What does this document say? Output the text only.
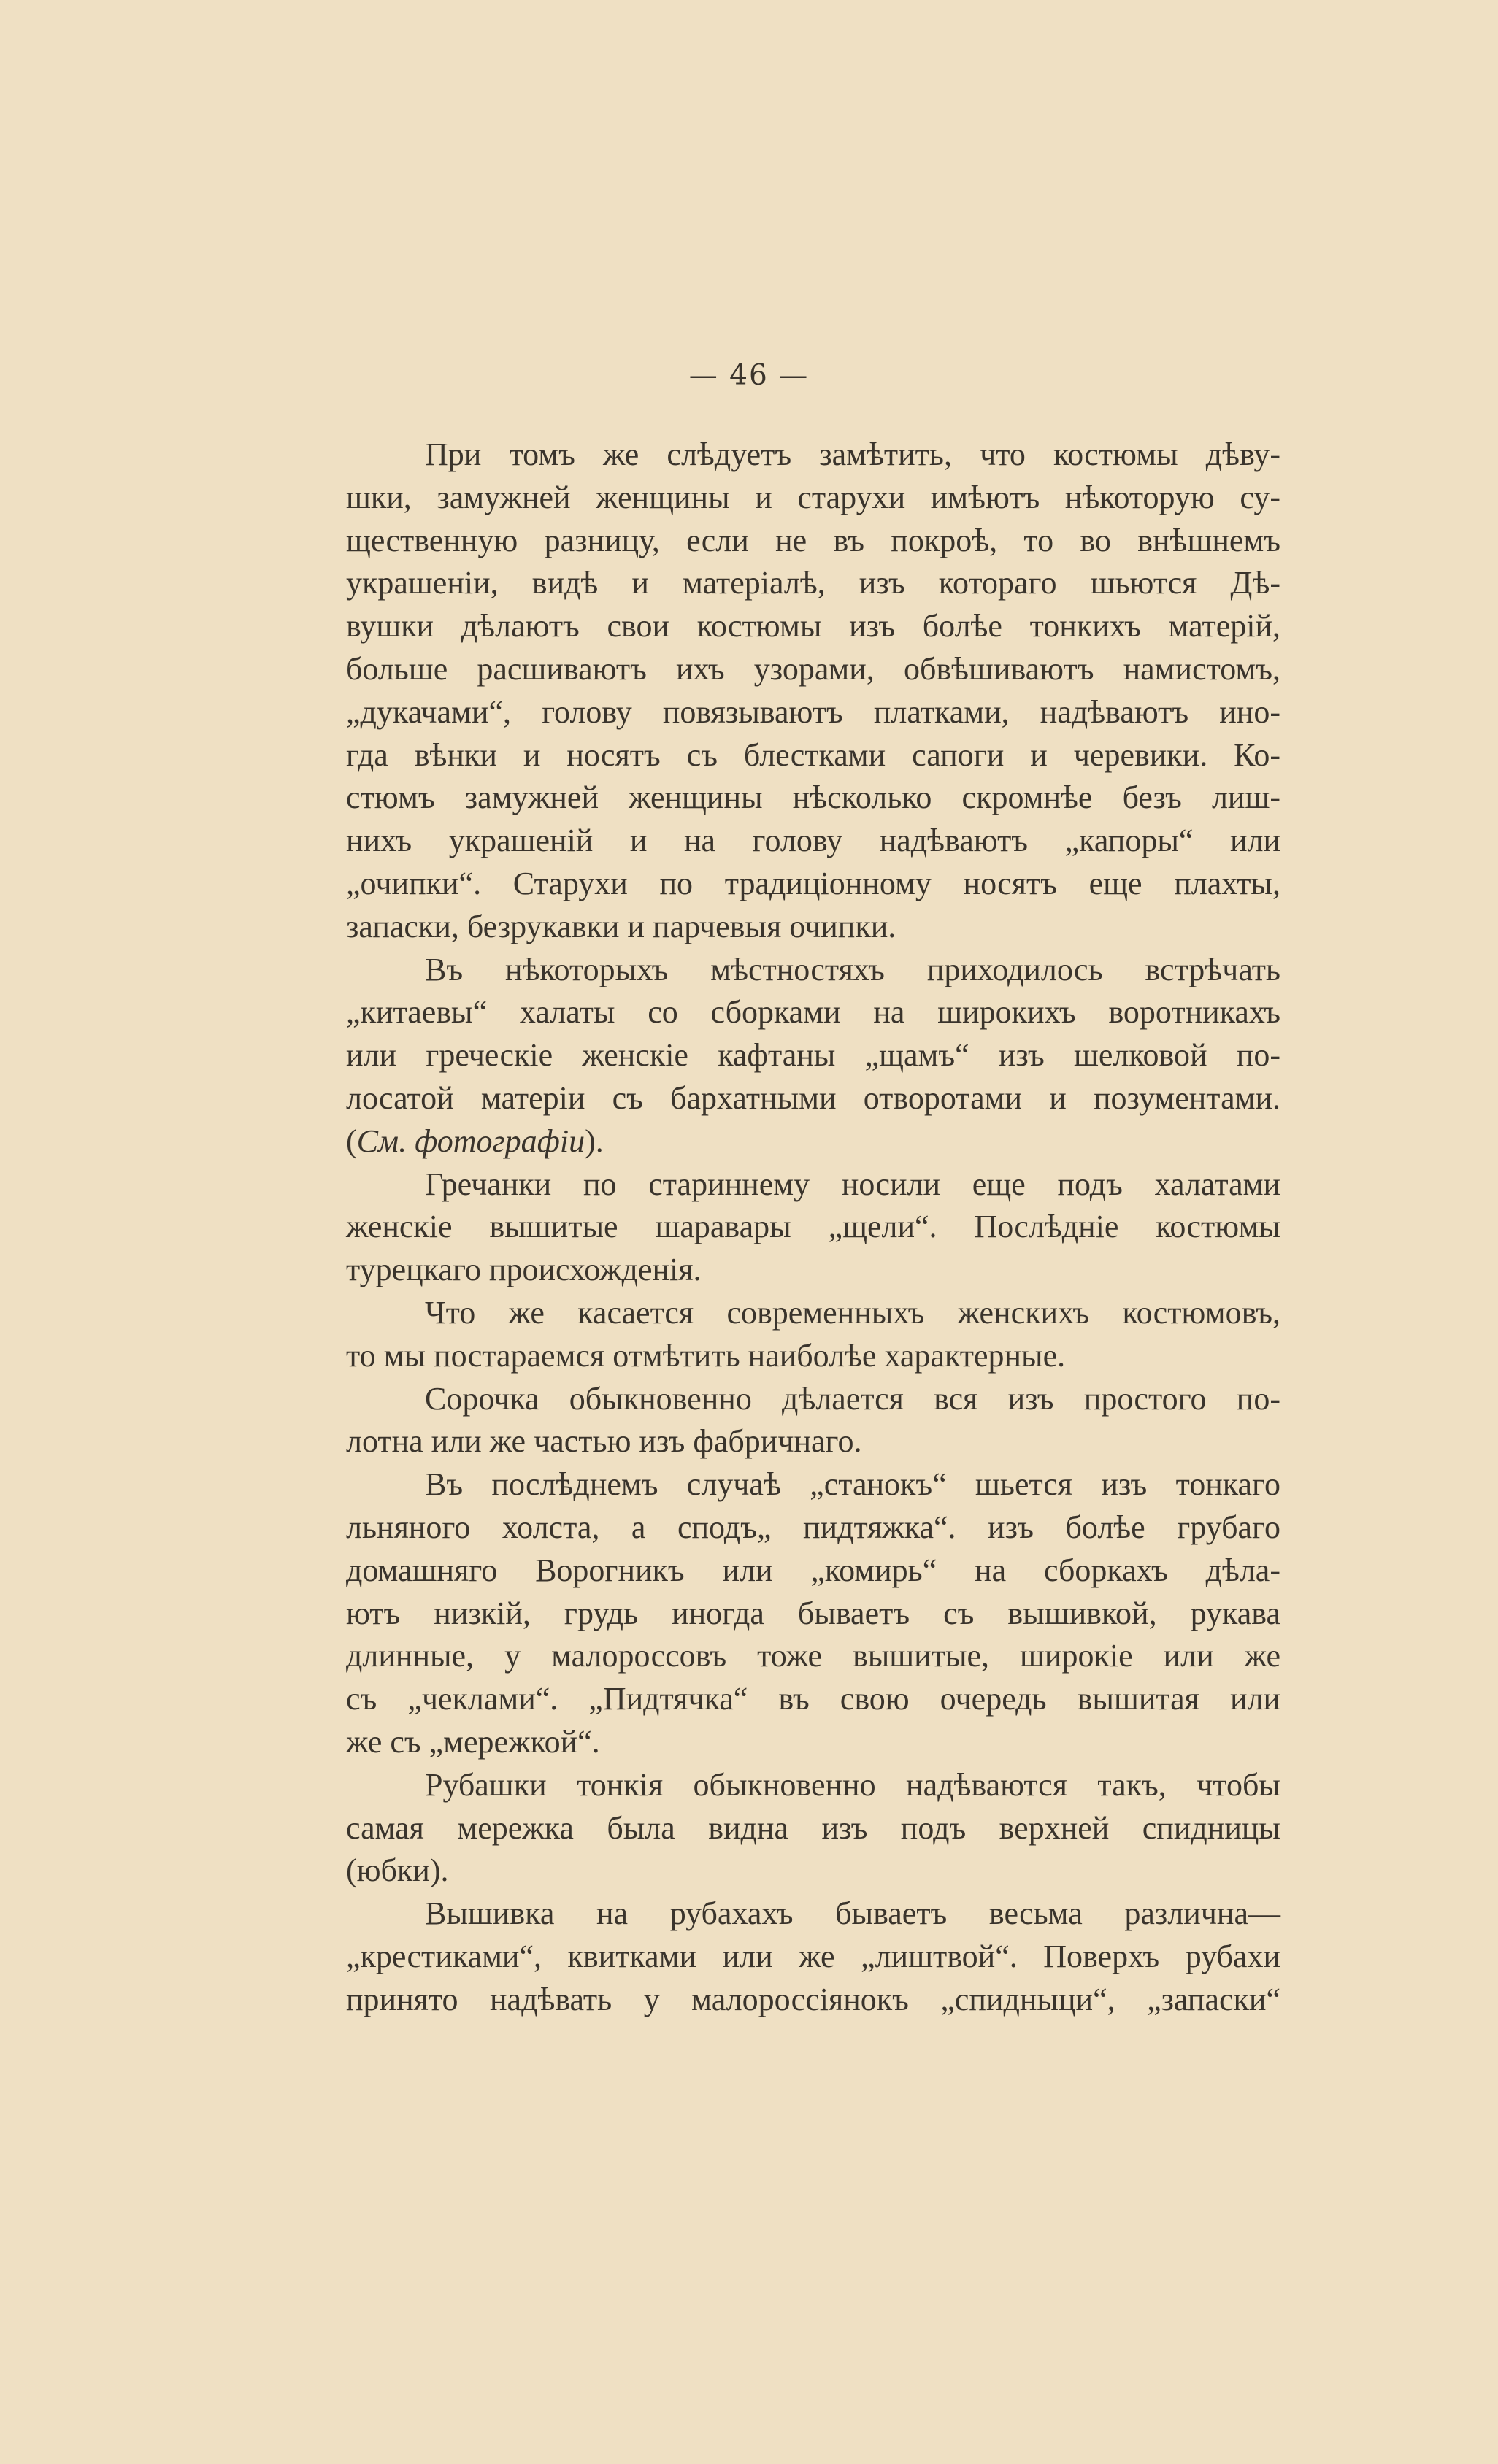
— 46 —
При томъ же слѣдуетъ замѣтить, что костюмы дѣву-
шки, замужней женщины и старухи имѣютъ нѣкоторую су-
щественную разницу, если не въ покроѣ, то во внѣшнемъ
украшеніи, видѣ и матеріалѣ, изъ котораго шьются Дѣ-
вушки дѣлаютъ свои костюмы изъ болѣе тонкихъ матерій,
больше расшиваютъ ихъ узорами, обвѣшиваютъ намистомъ,
„дукачами“, голову повязываютъ платками, надѣваютъ ино-
гда вѣнки и носятъ съ блестками сапоги и черевики. Ко-
стюмъ замужней женщины нѣсколько скромнѣе безъ лиш-
нихъ украшеній и на голову надѣваютъ „капоры“ или
„очипки“. Старухи по традиціонному носятъ еще плахты,
запаски, безрукавки и парчевыя очипки.
Въ нѣкоторыхъ мѣстностяхъ приходилось встрѣчать
„китаевы“ халаты со сборками на широкихъ воротникахъ
или греческіе женскіе кафтаны „щамъ“ изъ шелковой по-
лосатой матеріи съ бархатными отворотами и позументами.
(См. фотографіи).
Гречанки по стариннему носили еще подъ халатами
женскіе вышитые шаравары „щели“. Послѣдніе костюмы
турецкаго происхожденія.
Что же касается современныхъ женскихъ костюмовъ,
то мы постараемся отмѣтить наиболѣе характерные.
Сорочка обыкновенно дѣлается вся изъ простого по-
лотна или же частью изъ фабричнаго.
Въ послѣднемъ случаѣ „станокъ“ шьется изъ тонкаго
льняного холста, а сподъ„ пидтяжка“. изъ болѣе грубаго
домашняго Ворогникъ или „комирь“ на сборкахъ дѣла-
ютъ низкій, грудь иногда бываетъ съ вышивкой, рукава
длинные, у малороссовъ тоже вышитые, широкіе или же
съ „чеклами“. „Пидтячка“ въ свою очередь вышитая или
же съ „мережкой“.
Рубашки тонкія обыкновенно надѣваются такъ, чтобы
самая мережка была видна изъ подъ верхней спидницы
(юбки).
Вышивка на рубахахъ бываетъ весьма различна—
„крестиками“, квитками или же „лиштвой“. Поверхъ рубахи
принято надѣвать у малороссіянокъ „спидныци“, „запаски“
